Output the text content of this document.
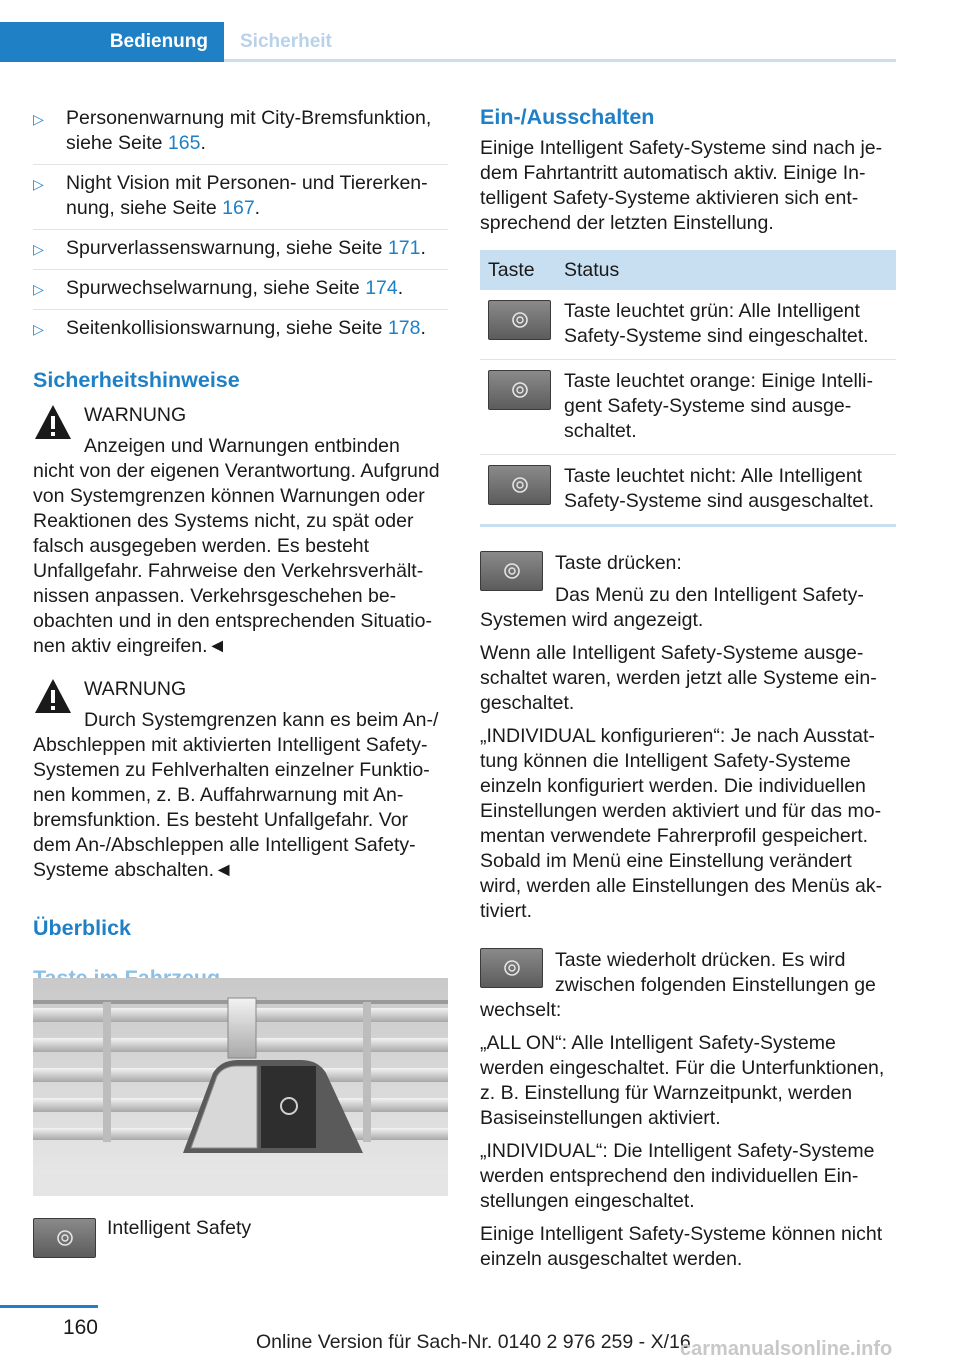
Bedienung	Sicherheit
▷ Personenwarnung mit City-Bremsfunktion, siehe Seite 165.
▷ Night Vision mit Personen- und Tiererkennung, siehe Seite 167.
▷ Spurverlassenswarnung, siehe Seite 171.
▷ Spurwechselwarnung, siehe Seite 174.
▷ Seitenkollisionswarnung, siehe Seite 178.
Sicherheitshinweise

WARNUNG

Anzeigen und Warnungen entbinden

nicht von der eigenen Verantwortung. Aufgrund von Systemgrenzen können Warnungen oder Reaktionen des Systems nicht, zu spät oder falsch ausgegeben werden. Es besteht Unfallgefahr. Fahrweise den Verkehrsverhältnissen anpassen. Verkehrsgeschehen beobachten und in den entsprechenden Situationen aktiv eingreifen.◄

WARNUNG

Durch Systemgrenzen kann es beim An-/

Abschleppen mit aktivierten Intelligent Safety-Systemen zu Fehlverhalten einzelner Funktionen kommen, z. B. Auffahrwarnung mit Anbremsfunktion. Es besteht Unfallgefahr. Vor dem An-/Abschleppen alle Intelligent Safety-Systeme abschalten.◄

Überblick

Intelligent Safety

Ein-/Ausschalten

Einige Intelligent Safety-Systeme sind nach jedem Fahrtantritt automatisch aktiv. Einige Intelligent Safety-Systeme aktivieren sich entsprechend der letzten Einstellung.

Taste	Status

	Taste leuchtet grün: Alle Intelligent Safety-Systeme sind eingeschaltet.

	Taste leuchtet orange: Einige Intelligent Safety-Systeme sind ausgeschaltet.

	Taste leuchtet nicht: Alle Intelligent Safety-Systeme sind ausgeschaltet.

Taste drücken:

Das Menü zu den Intelligent Safety-

Systemen wird angezeigt.

Wenn alle Intelligent Safety-Systeme ausgeschaltet waren, werden jetzt alle Systeme eingeschaltet.

„INDIVIDUAL konfigurieren“: Je nach Ausstattung können die Intelligent Safety-Systeme einzeln konfiguriert werden. Die individuellen Einstellungen werden aktiviert und für das momentan verwendete Fahrerprofil gespeichert. Sobald im Menü eine Einstellung verändert wird, werden alle Einstellungen des Menüs aktiviert.

Taste wiederholt drücken. Es wird zwischen folgenden Einstellungen ge

wechselt:

„ALL ON“: Alle Intelligent Safety-Systeme werden eingeschaltet. Für die Unterfunktionen, z. B. Einstellung für Warnzeitpunkt, werden Basiseinstellungen aktiviert.

„INDIVIDUAL“: Die Intelligent Safety-Systeme werden entsprechend den individuellen Einstellungen eingeschaltet.

Einige Intelligent Safety-Systeme können nicht einzeln ausgeschaltet werden.

160
Online Version für Sach-Nr. 0140 2 976 259 - X/16
carmanualsonline.info
